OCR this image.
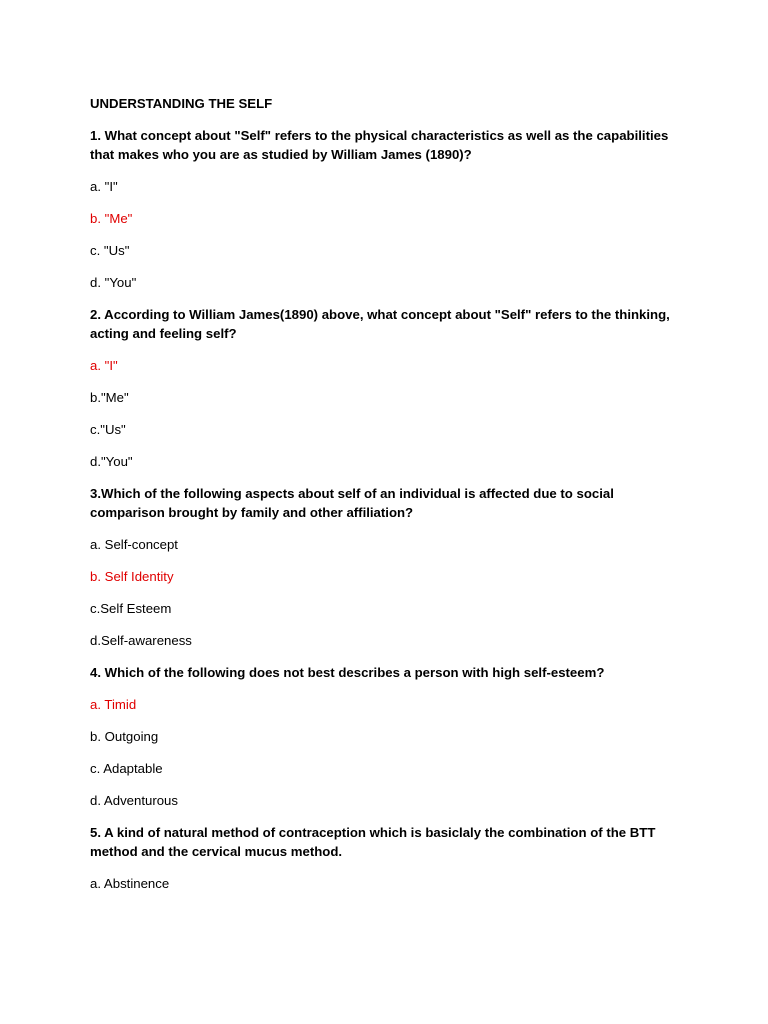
UNDERSTANDING THE SELF

1. What concept about "Self" refers to the physical characteristics as well as the capabilities that makes who you are as studied by William James (1890)?

a. "I"

b. "Me"

c. "Us"

d. "You"

2. According to William James(1890) above, what concept about "Self" refers to the thinking, acting and feeling self?

a. "I"

b."Me"

c."Us"

d."You"

3.Which of the following aspects about self of an individual is affected due to social comparison brought by family and other affiliation?

a. Self-concept

b. Self Identity

c.Self Esteem

d.Self-awareness

4. Which of the following does not best describes a person with high self-esteem?

a. Timid

b. Outgoing

c. Adaptable

d. Adventurous

5. A kind of natural method of contraception which is basiclaly the combination of the BTT method and the cervical mucus method.

a. Abstinence
